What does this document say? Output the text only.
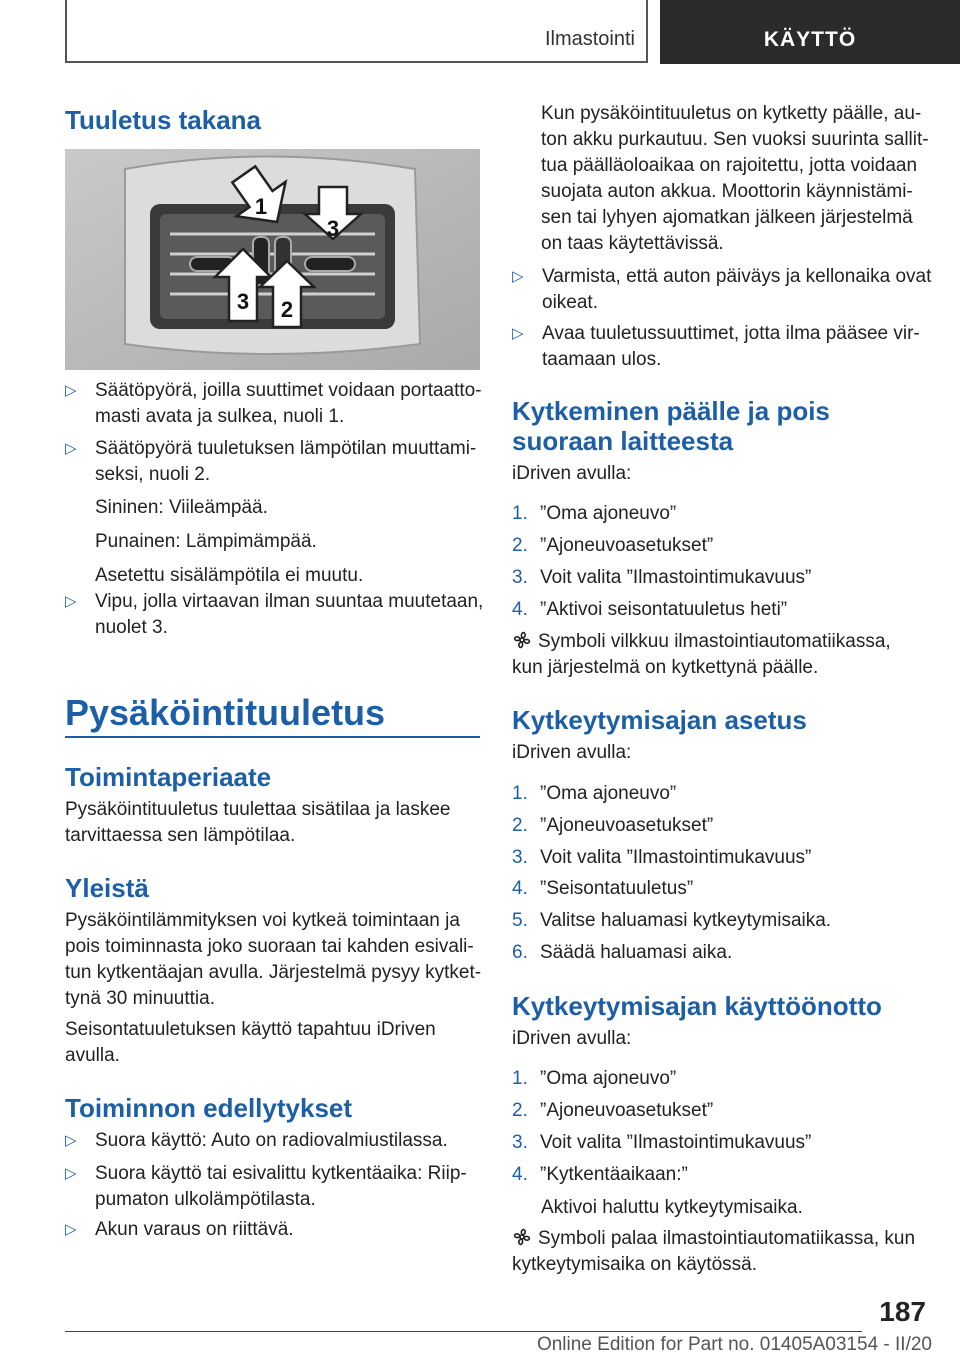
Ilmastointi	KÄYTTÖ
Tuuletus takana
1
2
3
3
▷ Säätöpyörä, joilla suuttimet voidaan portaatto-
masti avata ja sulkea, nuoli 1.
▷ Säätöpyörä tuuletuksen lämpötilan muuttami-
seksi, nuoli 2.
Sininen: Viileämpää.
Punainen: Lämpimämpää.
Asetettu sisälämpötila ei muutu.
▷ Vipu, jolla virtaavan ilman suuntaa muutetaan,
nuolet 3.
Pysäköintituuletus
Toimintaperiaate
Pysäköintituuletus tuulettaa sisätilaa ja laskee
tarvittaessa sen lämpötilaa.
Yleistä
Pysäköintilämmityksen voi kytkeä toimintaan ja
pois toiminnasta joko suoraan tai kahden esivali-
tun kytkentäajan avulla. Järjestelmä pysyy kytket-
tynä 30 minuuttia.
Seisontatuuletuksen käyttö tapahtuu iDriven
avulla.
Toiminnon edellytykset
▷ Suora käyttö: Auto on radiovalmiustilassa.
▷ Suora käyttö tai esivalittu kytkentäaika: Riip-
pumaton ulkolämpötilasta.
▷ Akun varaus on riittävä.
Kun pysäköintituuletus on kytketty päälle, au-
ton akku purkautuu. Sen vuoksi suurinta sallit-
tua päälläoloaikaa on rajoitettu, jotta voidaan
suojata auton akkua. Moottorin käynnistämi-
sen tai lyhyen ajomatkan jälkeen järjestelmä
on taas käytettävissä.
▷ Varmista, että auton päiväys ja kellonaika ovat
oikeat.
▷ Avaa tuuletussuuttimet, jotta ilma pääsee vir-
taamaan ulos.
Kytkeminen päälle ja pois
suoraan laitteesta
iDriven avulla:
1. ”Oma ajoneuvo”
2. ”Ajoneuvoasetukset”
3. Voit valita ”Ilmastointimukavuus”
4. ”Aktivoi seisontatuuletus heti”
Symboli vilkkuu ilmastointiautomatiikassa,
kun järjestelmä on kytkettynä päälle.
Kytkeytymisajan asetus
iDriven avulla:
1. ”Oma ajoneuvo”
2. ”Ajoneuvoasetukset”
3. Voit valita ”Ilmastointimukavuus”
4. ”Seisontatuuletus”
5. Valitse haluamasi kytkeytymisaika.
6. Säädä haluamasi aika.
Kytkeytymisajan käyttöönotto
iDriven avulla:
1. ”Oma ajoneuvo”
2. ”Ajoneuvoasetukset”
3. Voit valita ”Ilmastointimukavuus”
4. ”Kytkentäaikaan:”
Aktivoi haluttu kytkeytymisaika.
Symboli palaa ilmastointiautomatiikassa, kun
kytkeytymisaika on käytössä.
187
Online Edition for Part no. 01405A03154 - II/20
